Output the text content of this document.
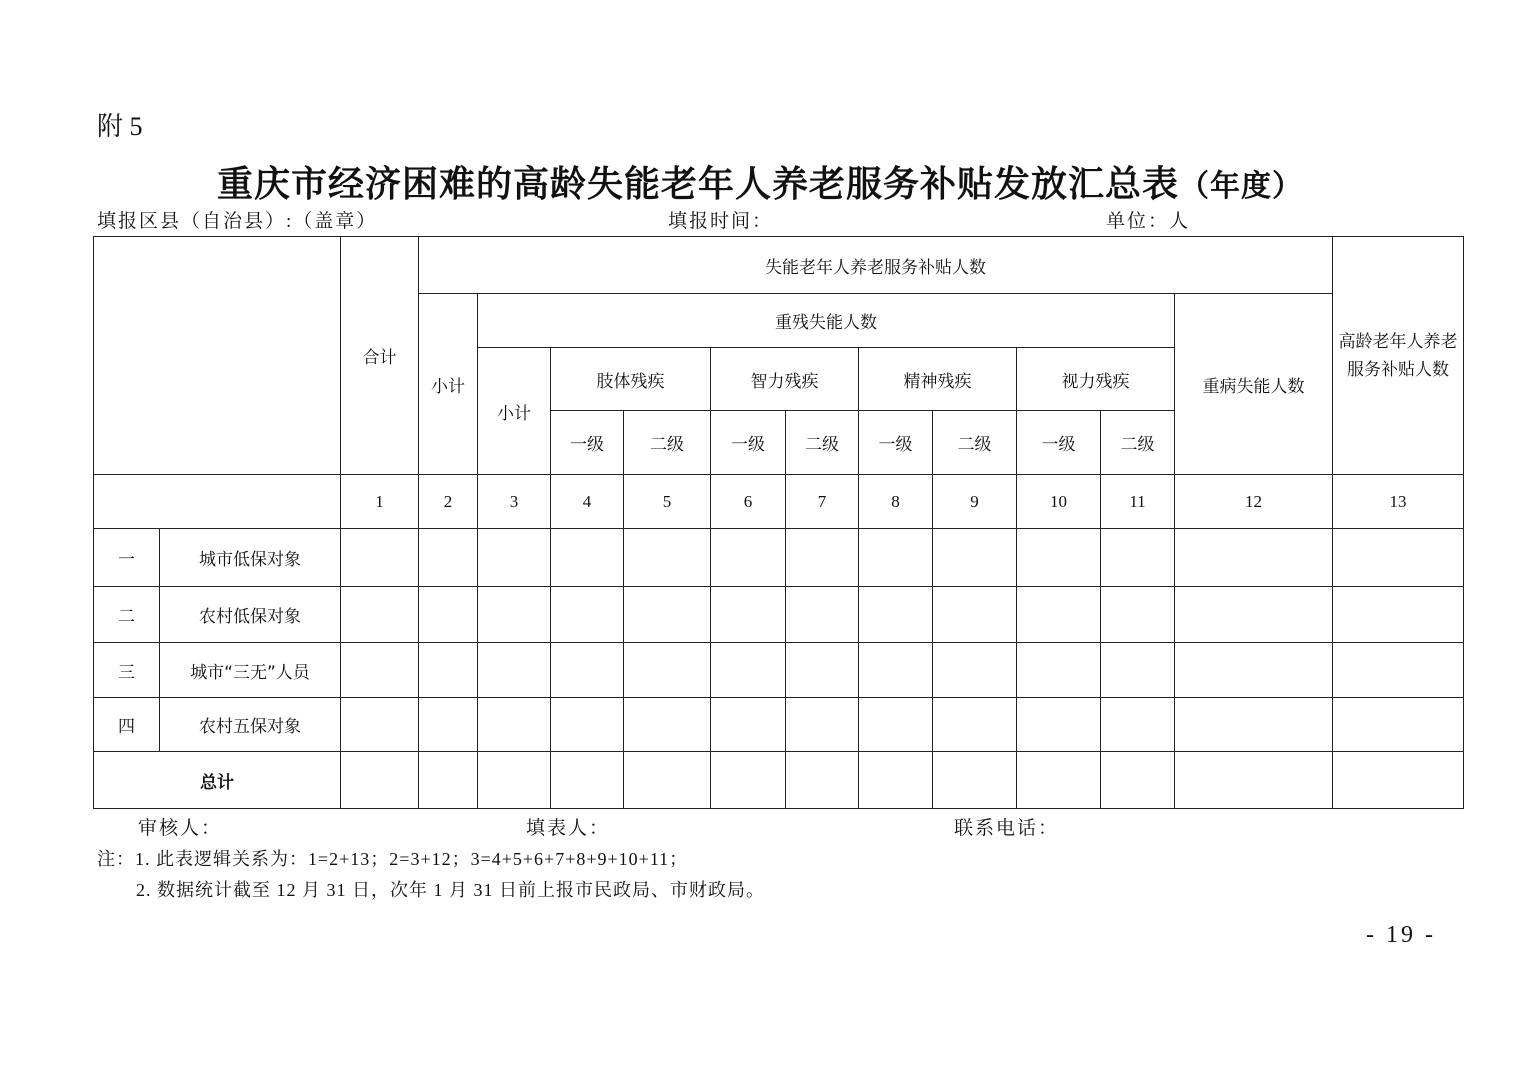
附 5
重庆市经济困难的高龄失能老年人养老服务补贴发放汇总表（年度）
填报区县（自治县）:（盖章）	填报时间：	单位：人
		合计	失能老年人养老服务补贴人数											高龄老年人养老服务补贴人数
			小计	重残失能人数									重病失能人数	
				小计	肢体残疾		智力残疾		精神残疾		视力残疾			
					一级	二级	一级	二级	一级	二级	一级	二级		
		1	2	3	4	5	6	7	8	9	10	11	12	13
一	城市低保对象													
二	农村低保对象													
三	城市“三无”人员													
四	农村五保对象													
总计														
审核人：	填表人：	联系电话：
注：1. 此表逻辑关系为：1=2+13；2=3+12；3=4+5+6+7+8+9+10+11；
2. 数据统计截至 12 月 31 日，次年 1 月 31 日前上报市民政局、市财政局。
- 19 -
